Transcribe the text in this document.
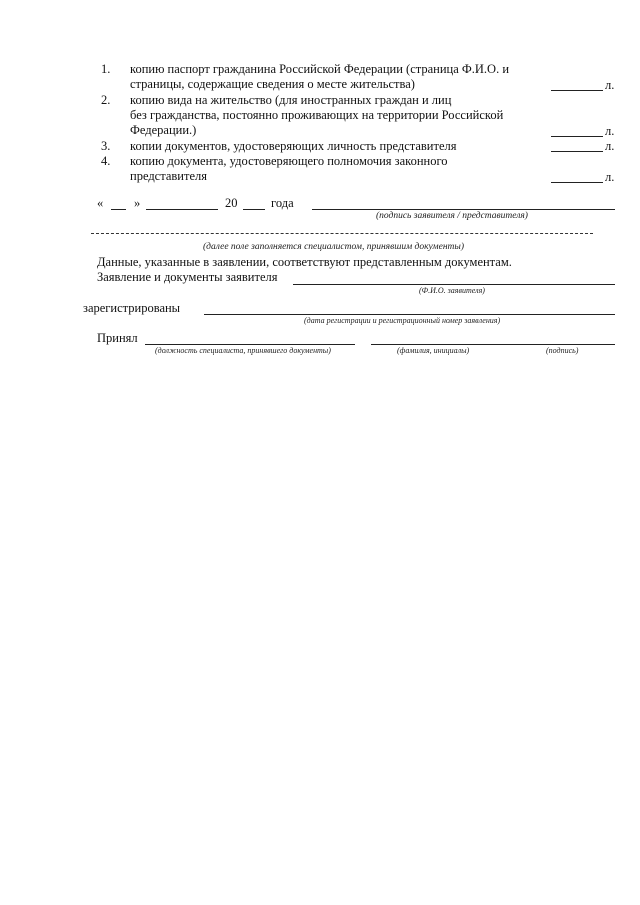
1. копию паспорт гражданина Российской Федерации (страница Ф.И.О. и
страницы, содержащие сведения о месте жительства)	л.
2. копию вида на жительство (для иностранных граждан и лиц
без гражданства, постоянно проживающих на территории Российской
Федерации.)	л.
3. копии документов, удостоверяющих личность представителя	л.
4. копию документа, удостоверяющего полномочия законного
представителя	л.
« »	20	года
(подпись заявителя / представителя)
(далее поле заполняется специалистом, принявшим документы)
Данные, указанные в заявлении, соответствуют представленным документам.
Заявление и документы заявителя
(Ф.И.О. заявителя)
зарегистрированы
(дата регистрации и регистрационный номер заявления)
Принял
(должность специалиста, принявшего документы)	(фамилия, инициалы)	(подпись)
